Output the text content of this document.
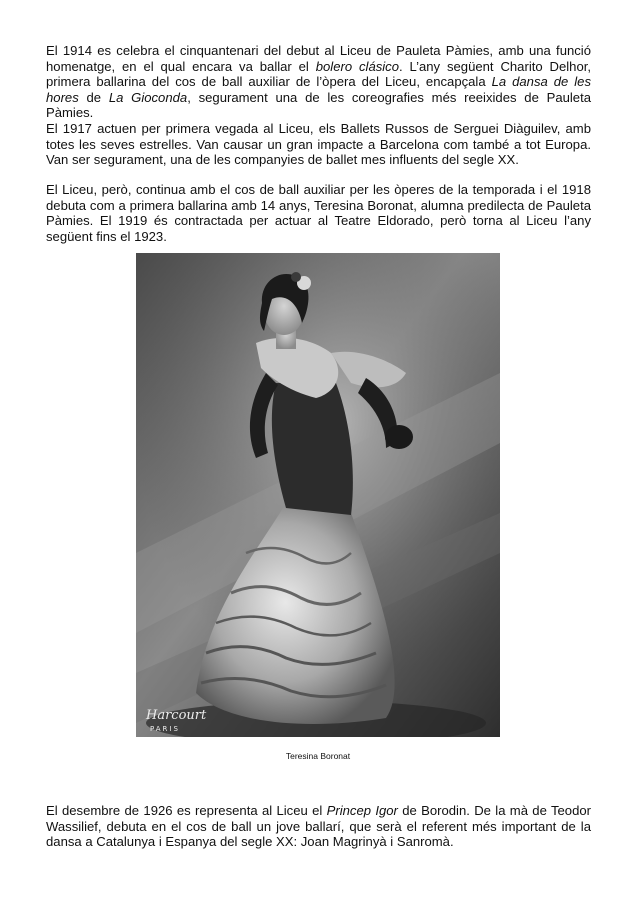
El 1914 es celebra el cinquantenari del debut al Liceu de Pauleta Pàmies, amb una funció homenatge, en el qual encara va ballar el bolero clásico. L’any següent Charito Delhor, primera ballarina del cos de ball auxiliar de l’òpera del Liceu, encapçala La dansa de les hores de La Gioconda, segurament una de les coreografies més reeixides de Pauleta Pàmies.

El 1917 actuen per primera vegada al Liceu, els Ballets Russos de Serguei Diàguilev, amb totes les seves estrelles. Van causar un gran impacte a Barcelona com també a tot Europa. Van ser segurament, una de les companyies de ballet mes influents del segle XX.

El Liceu, però, continua amb el cos de ball auxiliar per les òperes de la temporada i el 1918 debuta com a primera ballarina amb 14 anys, Teresina Boronat, alumna predilecta de Pauleta Pàmies. El 1919 és contractada per actuar al Teatre Eldorado, però torna al Liceu l’any següent fins el 1923.

Harcourt
PARIS
Teresina Boronat

El desembre de 1926 es representa al Liceu el Princep Igor de Borodin. De la mà de Teodor Wassilief, debuta en el cos de ball un jove ballarí, que serà el referent més important de la dansa a Catalunya i Espanya del segle XX: Joan Magrinyà i Sanromà.
